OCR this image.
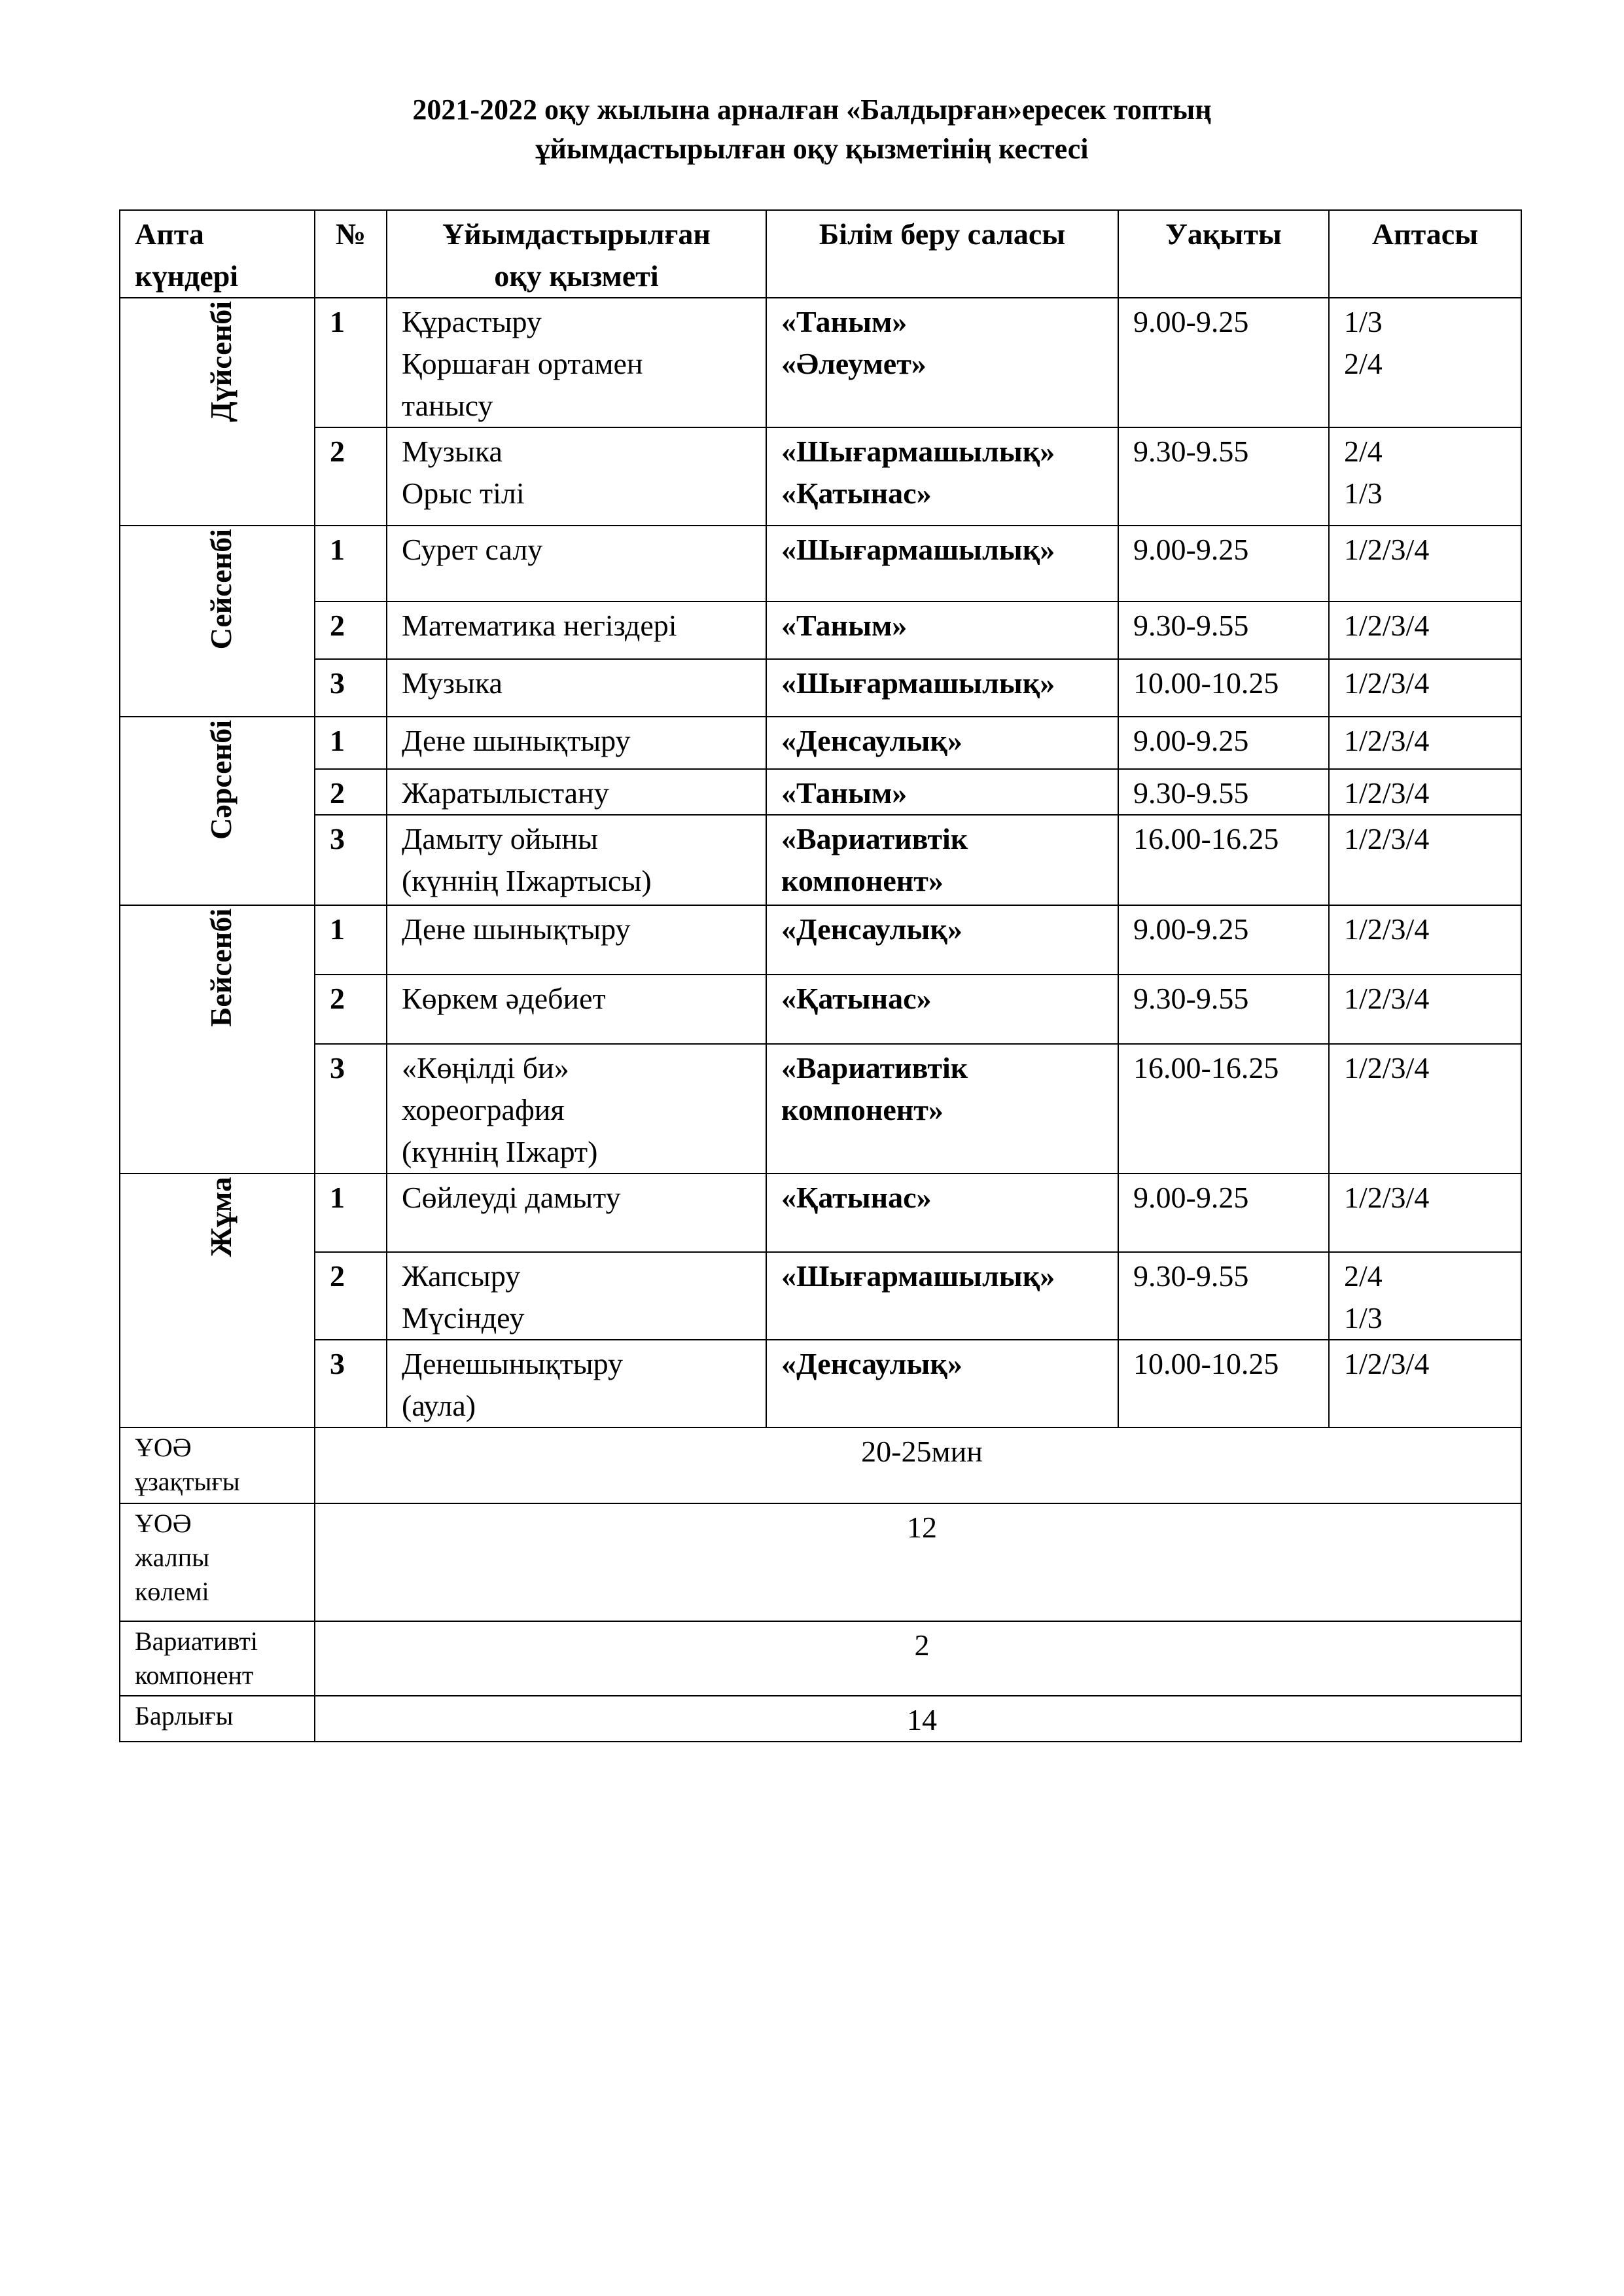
2021-2022 оқу жылына арналған «Балдырған»ересек топтың
ұйымдастырылған оқу қызметінің кестесі
Апта
күндері	№	Ұйымдастырылған
оқу қызметі	Білім беру саласы	Уақыты	Аптасы
Дүйсенбі	1	Құрастыру
Қоршаған ортамен
танысу	«Таным»
«Әлеумет»	9.00-9.25	1/3
2/4

	2	Музыка
Орыс тілі	«Шығармашылық»
«Қатынас»	9.30-9.55	2/4
1/3

Сейсенбі	1	Сурет салу	«Шығармашылық»	9.00-9.25	1/2/3/4

	2	Математика негіздері	«Таным»	9.30-9.55	1/2/3/4

	3	Музыка	«Шығармашылық»	10.00-10.25	1/2/3/4

Сәрсенбі	1	Дене шынықтыру	«Денсаулық»	9.00-9.25	1/2/3/4

	2	Жаратылыстану	«Таным»	9.30-9.55	1/2/3/4

	3	Дамыту ойыны
(күннің ІІжартысы)	«Вариативтік
компонент»	16.00-16.25	1/2/3/4

Бейсенбі	1	Дене шынықтыру	«Денсаулық»	9.00-9.25	1/2/3/4

	2	Көркем әдебиет	«Қатынас»	9.30-9.55	1/2/3/4

	3	«Көңілді би»
хореография
(күннің ІІжарт)	«Вариативтік
компонент»	16.00-16.25	1/2/3/4

Жұма	1	Сөйлеуді дамыту	«Қатынас»	9.00-9.25	1/2/3/4

	2	Жапсыру
Мүсіндеу	«Шығармашылық»	9.30-9.55	2/4
1/3

	3	Денешынықтыру
(аула)	«Денсаулық»	10.00-10.25	1/2/3/4

ҰОӘ
ұзақтығы	20-25мин				

ҰОӘ
жалпы
көлемі	12				

Вариативті
компонент	2				

Барлығы	14				
